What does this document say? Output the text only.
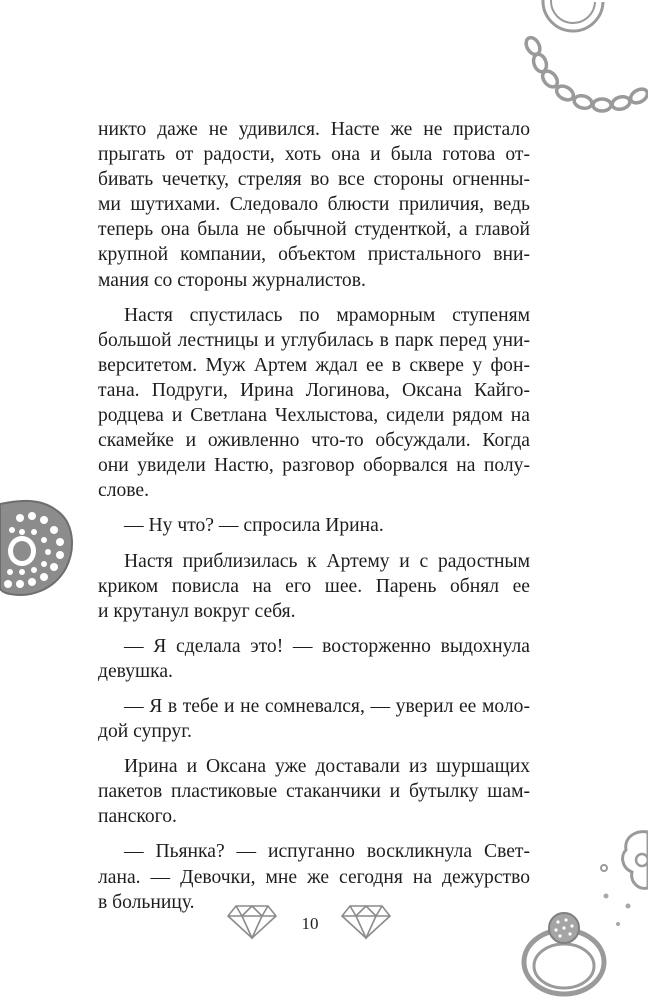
никто даже не удивился. Насте же не пристало
прыгать от радости, хоть она и была готова от-
бивать чечетку, стреляя во все стороны огненны-
ми шутихами. Следовало блюсти приличия, ведь
теперь она была не обычной студенткой, а главой
крупной компании, объектом пристального вни-
мания со стороны журналистов.
Настя спустилась по мраморным ступеням
большой лестницы и углубилась в парк перед уни-
верситетом. Муж Артем ждал ее в сквере у фон-
тана. Подруги, Ирина Логинова, Оксана Кайго-
родцева и Светлана Чехлыстова, сидели рядом на
скамейке и оживленно что-то обсуждали. Когда
они увидели Настю, разговор оборвался на полу-
слове.
— Ну что? — спросила Ирина.
Настя приблизилась к Артему и с радостным
криком повисла на его шее. Парень обнял ее
и крутанул вокруг себя.
— Я сделала это! — восторженно выдохнула
девушка.
— Я в тебе и не сомневался, — уверил ее моло-
дой супруг.
Ирина и Оксана уже доставали из шуршащих
пакетов пластиковые стаканчики и бутылку шам-
панского.
— Пьянка? — испуганно воскликнула Свет-
лана. — Девочки, мне же сегодня на дежурство
в больницу.
10
